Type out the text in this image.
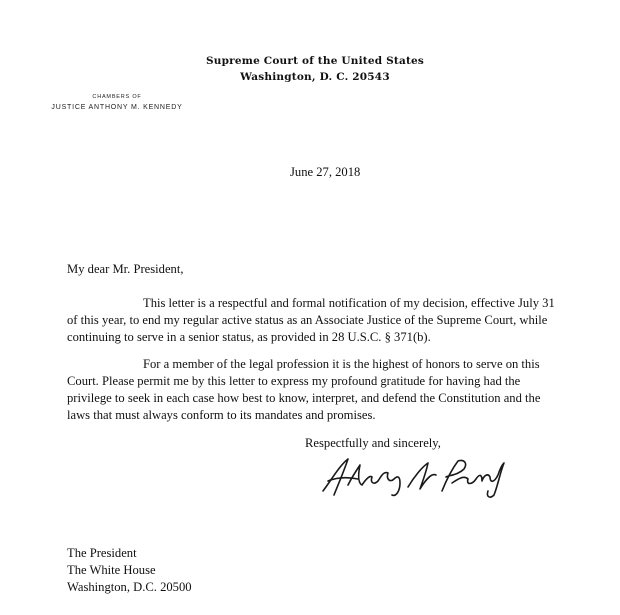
Supreme Court of the United States
Washington, D. C. 20543
CHAMBERS OF
JUSTICE ANTHONY M. KENNEDY
June 27, 2018
My dear Mr. President,
This letter is a respectful and formal notification of my decision, effective July 31
of this year, to end my regular active status as an Associate Justice of the Supreme Court, while
continuing to serve in a senior status, as provided in 28 U.S.C. § 371(b).
For a member of the legal profession it is the highest of honors to serve on this
Court. Please permit me by this letter to express my profound gratitude for having had the
privilege to seek in each case how best to know, interpret, and defend the Constitution and the
laws that must always conform to its mandates and promises.
Respectfully and sincerely,
The President
The White House
Washington, D.C. 20500
